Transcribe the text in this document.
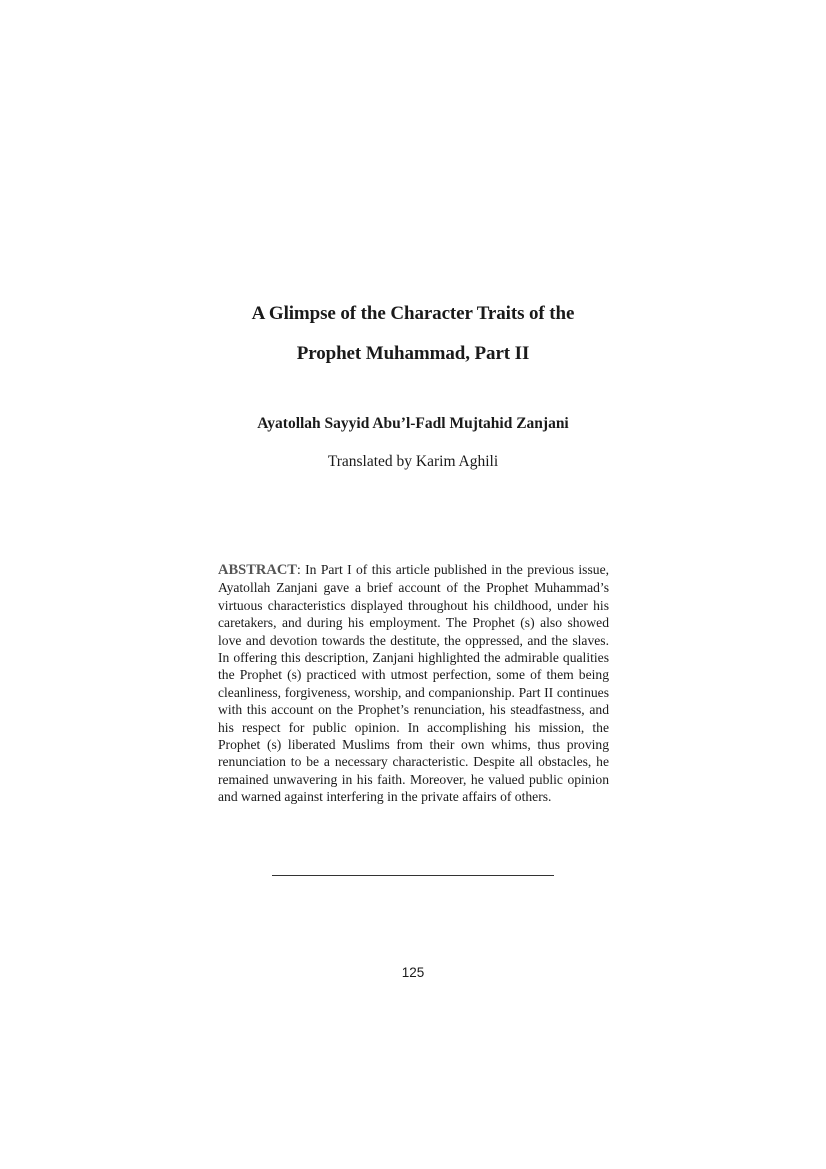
A Glimpse of the Character Traits of the
Prophet Muhammad, Part II
Ayatollah Sayyid Abu’l-Fadl Mujtahid Zanjani
Translated by Karim Aghili
ABSTRACT: In Part I of this article published in the previous issue, Ayatollah Zanjani gave a brief account of the Prophet Muhammad’s virtuous characteristics displayed throughout his childhood, under his caretakers, and during his employment. The Prophet (s) also showed love and devotion towards the destitute, the oppressed, and the slaves. In offering this description, Zanjani highlighted the admirable qualities the Prophet (s) practiced with utmost perfection, some of them being cleanliness, forgiveness, worship, and companionship. Part II continues with this account on the Prophet’s renunciation, his steadfastness, and his respect for public opinion. In accomplishing his mission, the Prophet (s) liberated Muslims from their own whims, thus proving renunciation to be a necessary characteristic. Despite all obstacles, he remained unwavering in his faith. Moreover, he valued public opinion and warned against interfering in the private affairs of others.
125
